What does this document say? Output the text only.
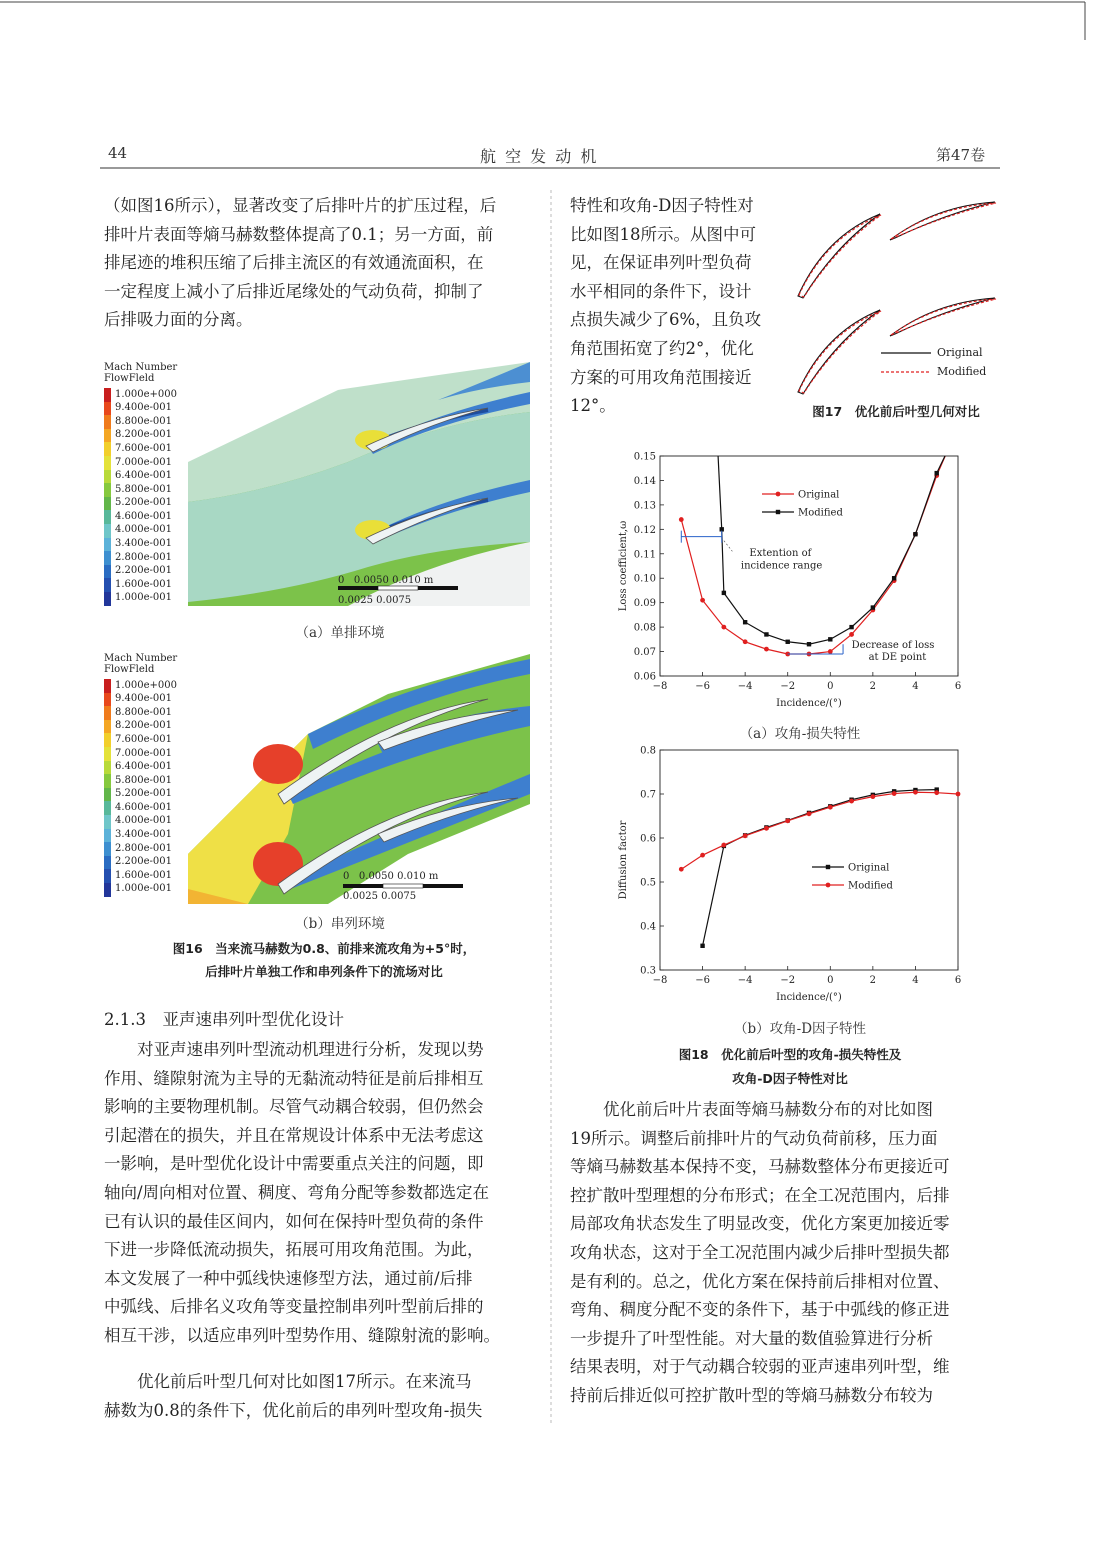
44	航 空 发 动 机	第47卷
（如图16所示），显著改变了后排叶片的扩压过程，后
排叶片表面等熵马赫数整体提高了0.1；另一方面，前
排尾迹的堆积压缩了后排主流区的有效通流面积，在
一定程度上减小了后排近尾缘处的气动负荷，抑制了
后排吸力面的分离。
Mach Number
FlowFleld
1.000e+000
9.400e-001
8.800e-001
8.200e-001
7.600e-001
7.000e-001
6.400e-001
5.800e-001
5.200e-001
4.600e-001
4.000e-001
3.400e-001
2.800e-001
2.200e-001
1.600e-001
1.000e-001
0   0.0050 0.010 m
0.0025 0.0075
（a）单排环境
Mach Number
FlowFleld
1.000e+000
9.400e-001
8.800e-001
8.200e-001
7.600e-001
7.000e-001
6.400e-001
5.800e-001
5.200e-001
4.600e-001
4.000e-001
3.400e-001
2.800e-001
2.200e-001
1.600e-001
1.000e-001
0   0.0050 0.010 m
0.0025 0.0075
（b）串列环境
图16　当来流马赫数为0.8、前排来流攻角为+5°时，
后排叶片单独工作和串列条件下的流场对比
2.1.3　亚声速串列叶型优化设计
对亚声速串列叶型流动机理进行分析，发现以势
作用、缝隙射流为主导的无黏流动特征是前后排相互
影响的主要物理机制。尽管气动耦合较弱，但仍然会
引起潜在的损失，并且在常规设计体系中无法考虑这
一影响，是叶型优化设计中需要重点关注的问题，即
轴向/周向相对位置、稠度、弯角分配等参数都选定在
已有认识的最佳区间内，如何在保持叶型负荷的条件
下进一步降低流动损失，拓展可用攻角范围。为此，
本文发展了一种中弧线快速修型方法，通过前/后排
中弧线、后排名义攻角等变量控制串列叶型前后排的
相互干涉，以适应串列叶型势作用、缝隙射流的影响。
优化前后叶型几何对比如图17所示。在来流马
赫数为0.8的条件下，优化前后的串列叶型攻角-损失
特性和攻角-D因子特性对
比如图18所示。从图中可
见，在保证串列叶型负荷
水平相同的条件下，设计
点损失减少了6%，且负攻
角范围拓宽了约2°，优化
方案的可用攻角范围接近
12°。
Original
Modified
图17　优化前后叶型几何对比
−8	−6	−4	−2	0	2	4	6
0.06
0.07
0.08
0.09
0.10
0.11
0.12
0.13
0.14
0.15
Incidence/(°)
Loss coefficient,ω
Original
Modified
Extention of
incidence range
Decrease of loss
at DE point
（a）攻角-损失特性
−8	−6	−4	−2	0	2	4	6
0.3
0.4
0.5
0.6
0.7
0.8
Incidence/(°)
Diffusion factor	Original
Modified
（b）攻角-D因子特性
图18　优化前后叶型的攻角-损失特性及
攻角-D因子特性对比
优化前后叶片表面等熵马赫数分布的对比如图
19所示。调整后前排叶片的气动负荷前移，压力面
等熵马赫数基本保持不变，马赫数整体分布更接近可
控扩散叶型理想的分布形式；在全工况范围内，后排
局部攻角状态发生了明显改变，优化方案更加接近零
攻角状态，这对于全工况范围内减少后排叶型损失都
是有利的。总之，优化方案在保持前后排相对位置、
弯角、稠度分配不变的条件下，基于中弧线的修正进
一步提升了叶型性能。对大量的数值验算进行分析
结果表明，对于气动耦合较弱的亚声速串列叶型，维
持前后排近似可控扩散叶型的等熵马赫数分布较为
